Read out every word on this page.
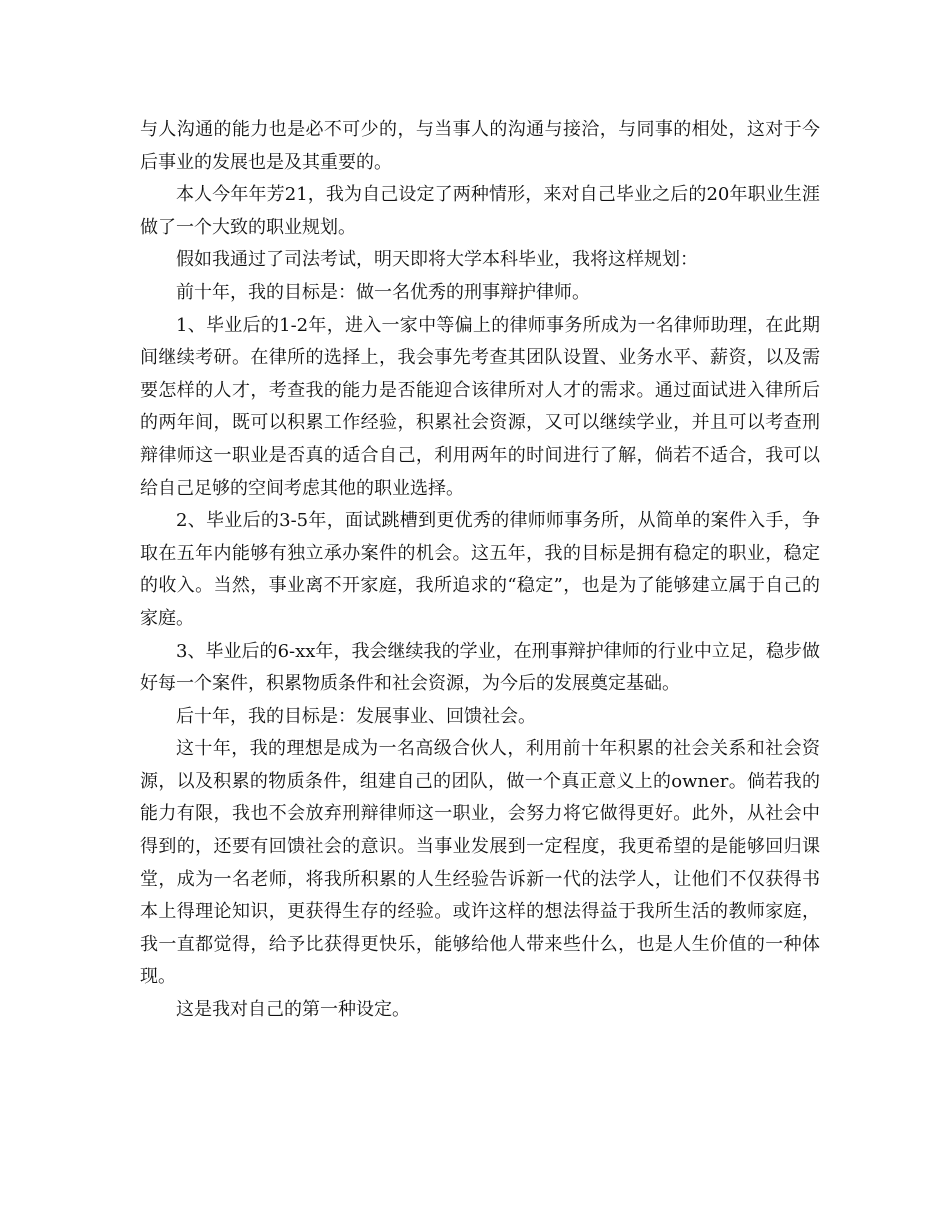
与人沟通的能力也是必不可少的，与当事人的沟通与接洽，与同事的相处，这对于今后事业的发展也是及其重要的。

本人今年年芳21，我为自己设定了两种情形，来对自己毕业之后的20年职业生涯做了一个大致的职业规划。

假如我通过了司法考试，明天即将大学本科毕业，我将这样规划：

前十年，我的目标是：做一名优秀的刑事辩护律师。

1、毕业后的1-2年，进入一家中等偏上的律师事务所成为一名律师助理，在此期间继续考研。在律所的选择上，我会事先考查其团队设置、业务水平、薪资，以及需要怎样的人才，考查我的能力是否能迎合该律所对人才的需求。通过面试进入律所后的两年间，既可以积累工作经验，积累社会资源，又可以继续学业，并且可以考查刑辩律师这一职业是否真的适合自己，利用两年的时间进行了解，倘若不适合，我可以给自己足够的空间考虑其他的职业选择。

2、毕业后的3-5年，面试跳槽到更优秀的律师师事务所，从简单的案件入手，争取在五年内能够有独立承办案件的机会。这五年，我的目标是拥有稳定的职业，稳定的收入。当然，事业离不开家庭，我所追求的“稳定”，也是为了能够建立属于自己的家庭。

3、毕业后的6-xx年，我会继续我的学业，在刑事辩护律师的行业中立足，稳步做好每一个案件，积累物质条件和社会资源，为今后的发展奠定基础。

后十年，我的目标是：发展事业、回馈社会。

这十年，我的理想是成为一名高级合伙人，利用前十年积累的社会关系和社会资源，以及积累的物质条件，组建自己的团队，做一个真正意义上的owner。倘若我的能力有限，我也不会放弃刑辩律师这一职业，会努力将它做得更好。此外，从社会中得到的，还要有回馈社会的意识。当事业发展到一定程度，我更希望的是能够回归课堂，成为一名老师，将我所积累的人生经验告诉新一代的法学人，让他们不仅获得书本上得理论知识，更获得生存的经验。或许这样的想法得益于我所生活的教师家庭，我一直都觉得，给予比获得更快乐，能够给他人带来些什么，也是人生价值的一种体现。

这是我对自己的第一种设定。
